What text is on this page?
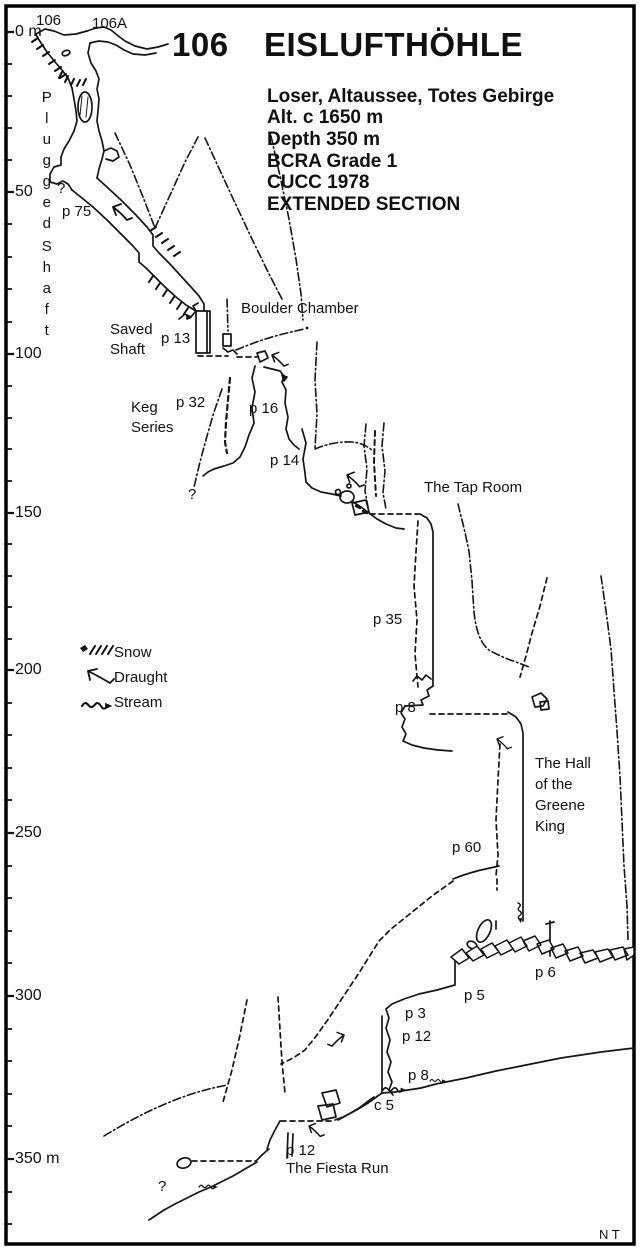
106 EISLUFTHÖHLE
Loser, Altaussee, Totes Gebirge
Alt. c 1650 m
Depth 350 m
BCRA Grade 1
CUCC 1978
EXTENDED SECTION
106 106A
0 m
50
100
150
200
250
300
350 m
Plugged
Shaft
?
p 75
Saved
Shaft
p 13
Boulder Chamber
Keg
Series
p 32	p 16
p 14
?	The Tap Room
p 35
p 8
The Hall
of the
Greene
King
p 60
p 6
p 5
p 3
p 12
p 8
c 5
p 12
The Fiesta Run
?
Snow
Draught
Stream
N T
